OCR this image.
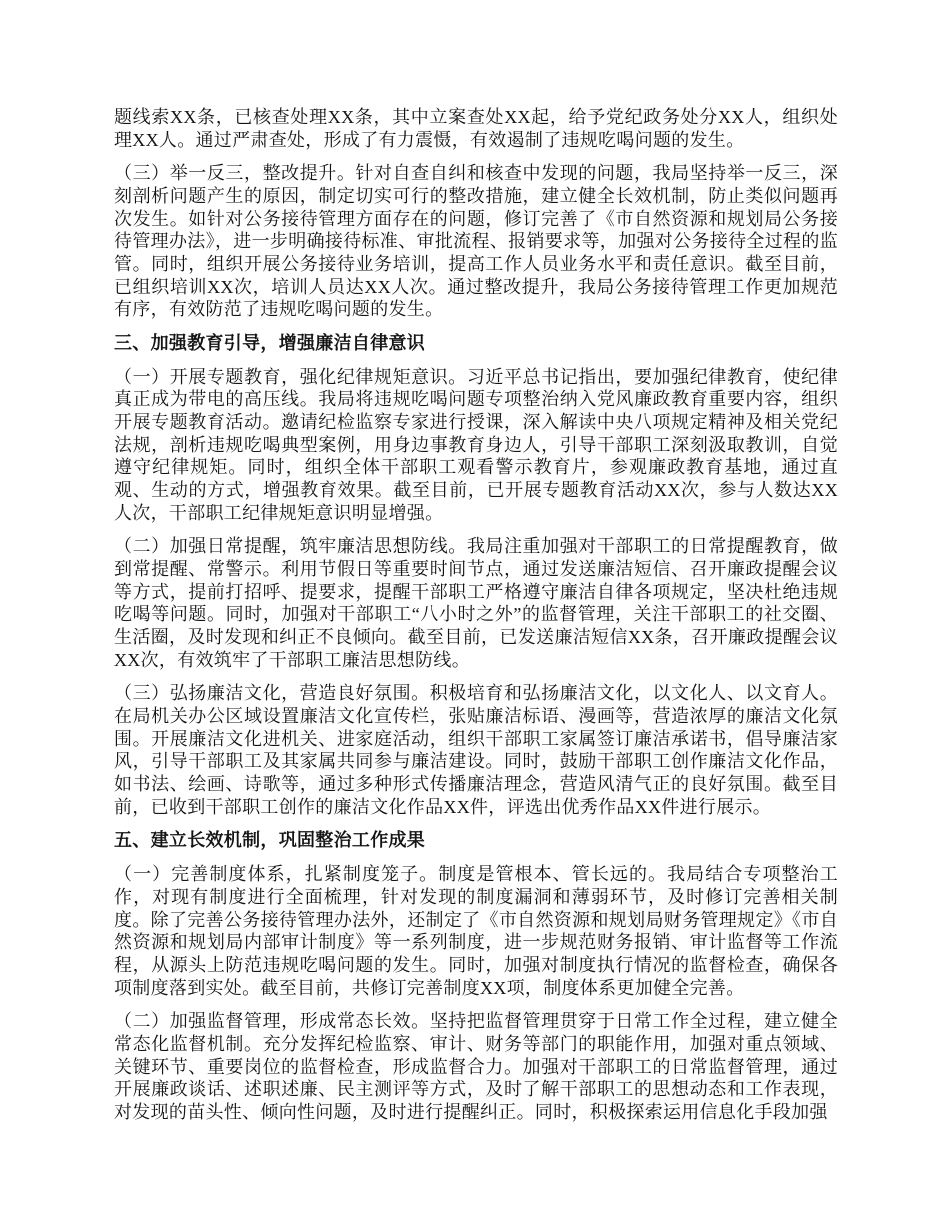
题线索XX条，已核查处理XX条，其中立案查处XX起，给予党纪政务处分XX人，组织处理XX人。通过严肃查处，形成了有力震慑，有效遏制了违规吃喝问题的发生。

（三）举一反三，整改提升。针对自查自纠和核查中发现的问题，我局坚持举一反三，深刻剖析问题产生的原因，制定切实可行的整改措施，建立健全长效机制，防止类似问题再次发生。如针对公务接待管理方面存在的问题，修订完善了《市自然资源和规划局公务接待管理办法》，进一步明确接待标准、审批流程、报销要求等，加强对公务接待全过程的监管。同时，组织开展公务接待业务培训，提高工作人员业务水平和责任意识。截至目前，已组织培训XX次，培训人员达XX人次。通过整改提升，我局公务接待管理工作更加规范有序，有效防范了违规吃喝问题的发生。

三、加强教育引导，增强廉洁自律意识

（一）开展专题教育，强化纪律规矩意识。习近平总书记指出，要加强纪律教育，使纪律真正成为带电的高压线。我局将违规吃喝问题专项整治纳入党风廉政教育重要内容，组织开展专题教育活动。邀请纪检监察专家进行授课，深入解读中央八项规定精神及相关党纪法规，剖析违规吃喝典型案例，用身边事教育身边人，引导干部职工深刻汲取教训，自觉遵守纪律规矩。同时，组织全体干部职工观看警示教育片，参观廉政教育基地，通过直观、生动的方式，增强教育效果。截至目前，已开展专题教育活动XX次，参与人数达XX人次，干部职工纪律规矩意识明显增强。

（二）加强日常提醒，筑牢廉洁思想防线。我局注重加强对干部职工的日常提醒教育，做到常提醒、常警示。利用节假日等重要时间节点，通过发送廉洁短信、召开廉政提醒会议等方式，提前打招呼、提要求，提醒干部职工严格遵守廉洁自律各项规定，坚决杜绝违规吃喝等问题。同时，加强对干部职工“八小时之外”的监督管理，关注干部职工的社交圈、生活圈，及时发现和纠正不良倾向。截至目前，已发送廉洁短信XX条，召开廉政提醒会议XX次，有效筑牢了干部职工廉洁思想防线。

（三）弘扬廉洁文化，营造良好氛围。积极培育和弘扬廉洁文化，以文化人、以文育人。在局机关办公区域设置廉洁文化宣传栏，张贴廉洁标语、漫画等，营造浓厚的廉洁文化氛围。开展廉洁文化进机关、进家庭活动，组织干部职工家属签订廉洁承诺书，倡导廉洁家风，引导干部职工及其家属共同参与廉洁建设。同时，鼓励干部职工创作廉洁文化作品，如书法、绘画、诗歌等，通过多种形式传播廉洁理念，营造风清气正的良好氛围。截至目前，已收到干部职工创作的廉洁文化作品XX件，评选出优秀作品XX件进行展示。

五、建立长效机制，巩固整治工作成果

（一）完善制度体系，扎紧制度笼子。制度是管根本、管长远的。我局结合专项整治工作，对现有制度进行全面梳理，针对发现的制度漏洞和薄弱环节，及时修订完善相关制度。除了完善公务接待管理办法外，还制定了《市自然资源和规划局财务管理规定》《市自然资源和规划局内部审计制度》等一系列制度，进一步规范财务报销、审计监督等工作流程，从源头上防范违规吃喝问题的发生。同时，加强对制度执行情况的监督检查，确保各项制度落到实处。截至目前，共修订完善制度XX项，制度体系更加健全完善。

（二）加强监督管理，形成常态长效。坚持把监督管理贯穿于日常工作全过程，建立健全常态化监督机制。充分发挥纪检监察、审计、财务等部门的职能作用，加强对重点领域、关键环节、重要岗位的监督检查，形成监督合力。加强对干部职工的日常监督管理，通过开展廉政谈话、述职述廉、民主测评等方式，及时了解干部职工的思想动态和工作表现，对发现的苗头性、倾向性问题，及时进行提醒纠正。同时，积极探索运用信息化手段加强
